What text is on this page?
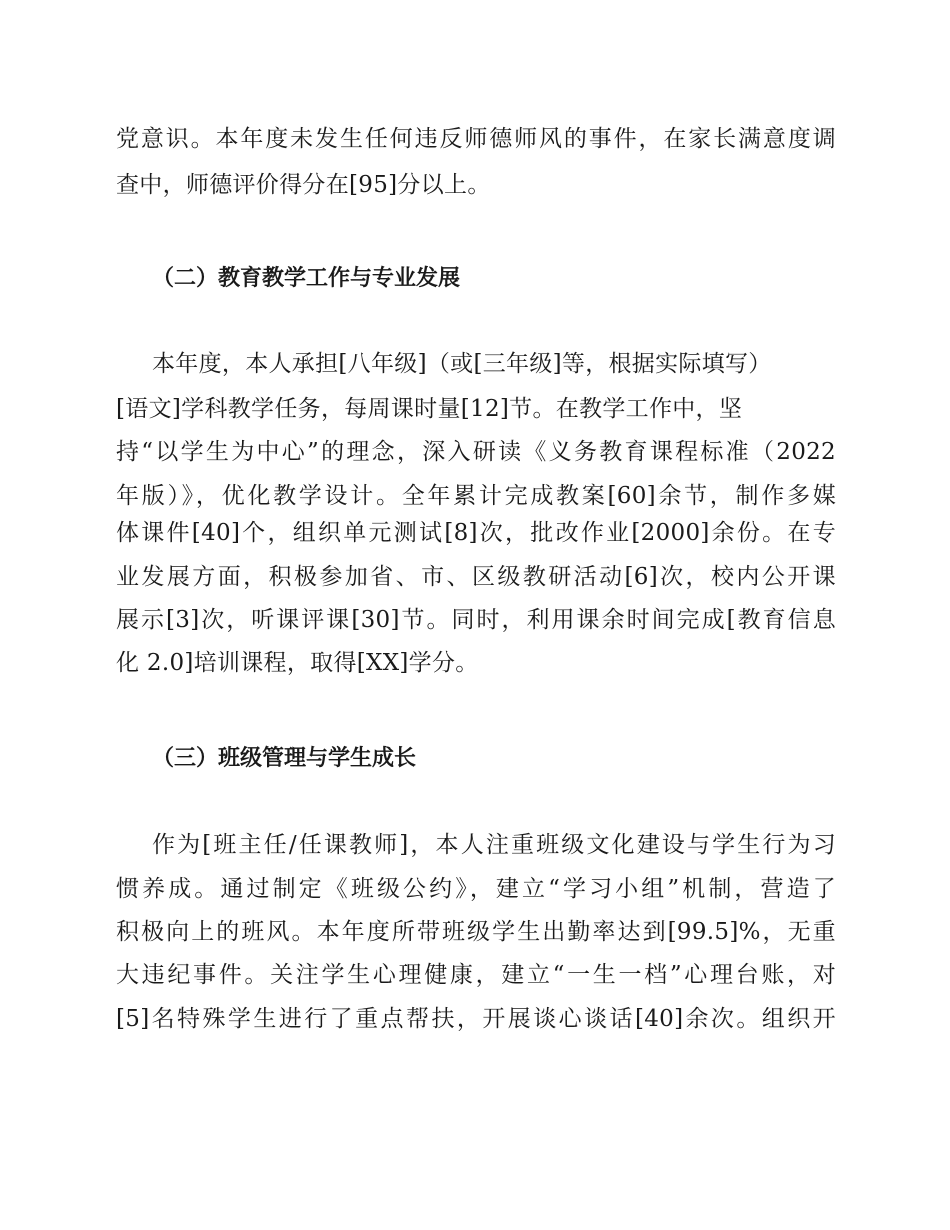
党意识。本年度未发生任何违反师德师风的事件，在家长满意度调
查中，师德评价得分在[95]分以上。
（二）教育教学工作与专业发展
本年度，本人承担[八年级]（或[三年级]等，根据实际填写）
[语文]学科教学任务，每周课时量[12]节。在教学工作中，坚
持“以学生为中心”的理念，深入研读《义务教育课程标准（2022
年版）》，优化教学设计。全年累计完成教案[60]余节，制作多媒
体课件[40]个，组织单元测试[8]次，批改作业[2000]余份。在专
业发展方面，积极参加省、市、区级教研活动[6]次，校内公开课
展示[3]次，听课评课[30]节。同时，利用课余时间完成[教育信息
化 2.0]培训课程，取得[XX]学分。
（三）班级管理与学生成长
作为[班主任/任课教师]，本人注重班级文化建设与学生行为习
惯养成。通过制定《班级公约》，建立“学习小组”机制，营造了
积极向上的班风。本年度所带班级学生出勤率达到[99.5]%，无重
大违纪事件。关注学生心理健康，建立“一生一档”心理台账，对
[5]名特殊学生进行了重点帮扶，开展谈心谈话[40]余次。组织开
